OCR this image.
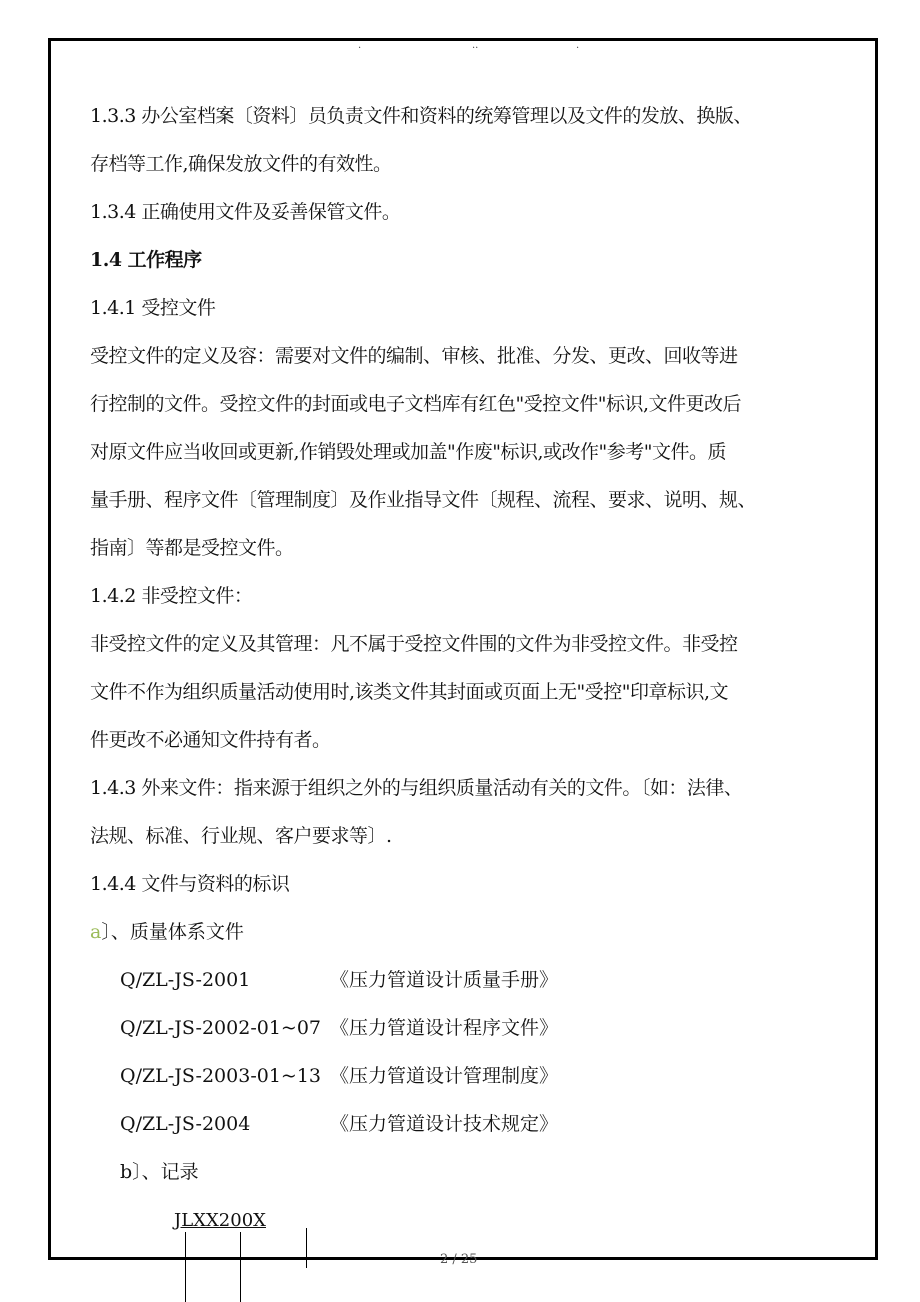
.	..	.
1.3.3 办公室档案〔资料〕员负责文件和资料的统筹管理以及文件的发放、换版、
存档等工作,确保发放文件的有效性。
1.3.4 正确使用文件及妥善保管文件。
1.4 工作程序
1.4.1 受控文件
受控文件的定义及容：需要对文件的编制、审核、批准、分发、更改、回收等进
行控制的文件。受控文件的封面或电子文档库有红色"受控文件"标识,文件更改后
对原文件应当收回或更新,作销毁处理或加盖"作废"标识,或改作"参考"文件。质
量手册、程序文件〔管理制度〕及作业指导文件〔规程、流程、要求、说明、规、
指南〕等都是受控文件。
1.4.2 非受控文件：
非受控文件的定义及其管理：凡不属于受控文件围的文件为非受控文件。非受控
文件不作为组织质量活动使用时,该类文件其封面或页面上无"受控"印章标识,文
件更改不必通知文件持有者。
1.4.3 外来文件：指来源于组织之外的与组织质量活动有关的文件。〔如：法律、
法规、标准、行业规、客户要求等〕.
1.4.4 文件与资料的标识
a〕、质量体系文件
Q/ZL-JS-2001	《压力管道设计质量手册》
Q/ZL-JS-2002-01~07 《压力管道设计程序文件》
Q/ZL-JS-2003-01~13 《压力管道设计管理制度》
Q/ZL-JS-2004	《压力管道设计技术规定》
b〕、记录
JLXX200X
2 / 25
